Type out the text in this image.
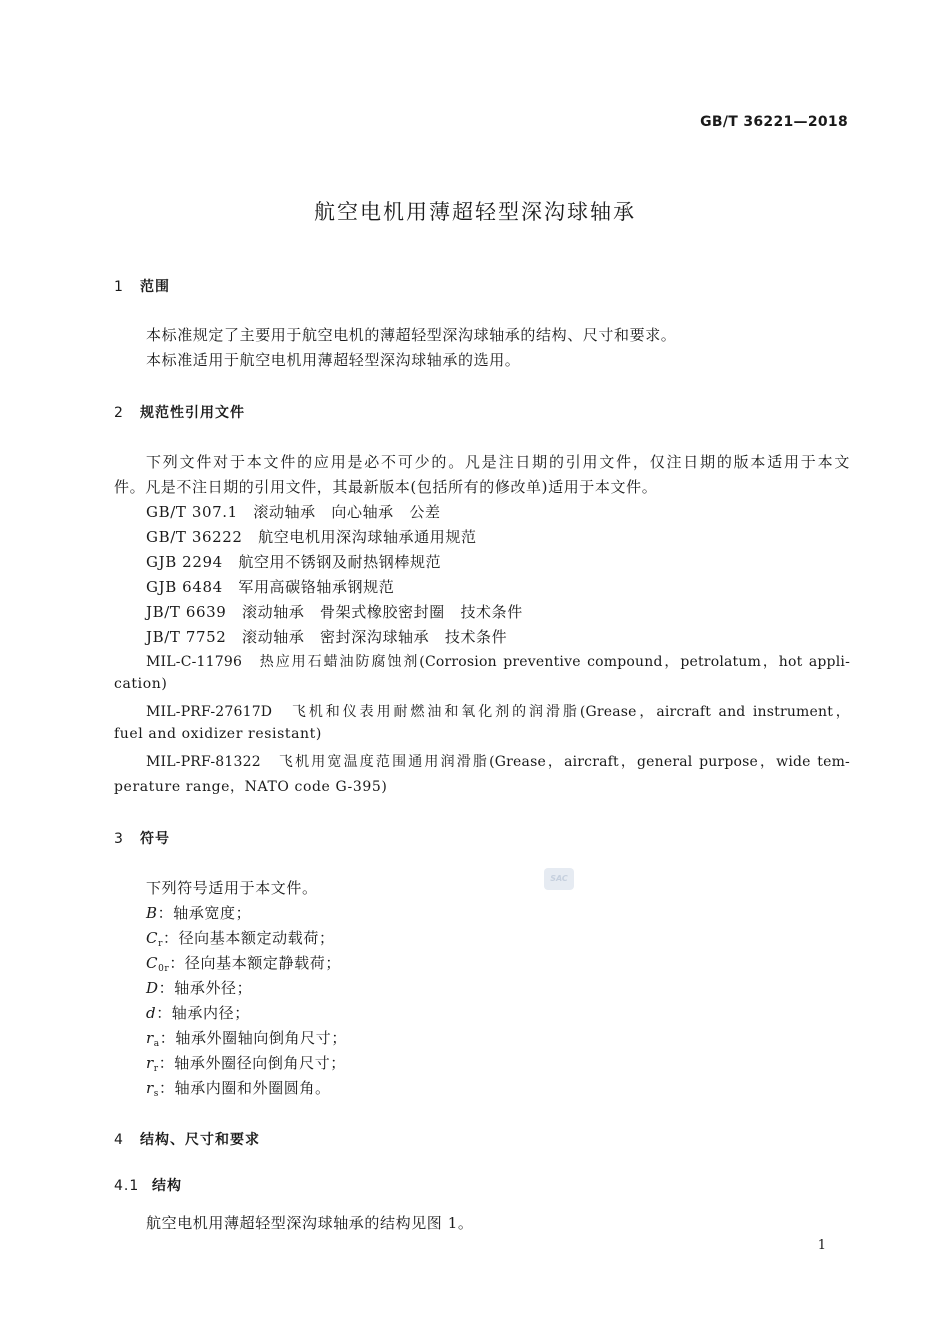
GB/T 36221—2018
航空电机用薄超轻型深沟球轴承
1 范围
本标准规定了主要用于航空电机的薄超轻型深沟球轴承的结构、尺寸和要求。
本标准适用于航空电机用薄超轻型深沟球轴承的选用。
2 规范性引用文件
下列文件对于本文件的应用是必不可少的。凡是注日期的引用文件，仅注日期的版本适用于本文
件。凡是不注日期的引用文件，其最新版本(包括所有的修改单)适用于本文件。
GB/T 307.1　滚动轴承　向心轴承　公差
GB/T 36222　航空电机用深沟球轴承通用规范
GJB 2294　航空用不锈钢及耐热钢棒规范
GJB 6484　军用高碳铬轴承钢规范
JB/T 6639　滚动轴承　骨架式橡胶密封圈　技术条件
JB/T 7752　滚动轴承　密封深沟球轴承　技术条件
MIL-C-11796　热应用石蜡油防腐蚀剂(Corrosion preventive compound，petrolatum，hot appli-
cation)
MIL-PRF-27617D　飞机和仪表用耐燃油和氧化剂的润滑脂(Grease，aircraft and instrument，
fuel and oxidizer resistant)
MIL-PRF-81322　飞机用宽温度范围通用润滑脂(Grease，aircraft，general purpose，wide tem-
perature range，NATO code G-395)
3 符号
下列符号适用于本文件。
SAC
B：轴承宽度；
$C_r$：径向基本额定动载荷；
$C_{0r}$：径向基本额定静载荷；
D：轴承外径；
d：轴承内径；
$r_a$：轴承外圈轴向倒角尺寸；
$r_r$：轴承外圈径向倒角尺寸；
$r_s$：轴承内圈和外圈圆角。
4 结构、尺寸和要求
4.1 结构
航空电机用薄超轻型深沟球轴承的结构见图 1。
1
